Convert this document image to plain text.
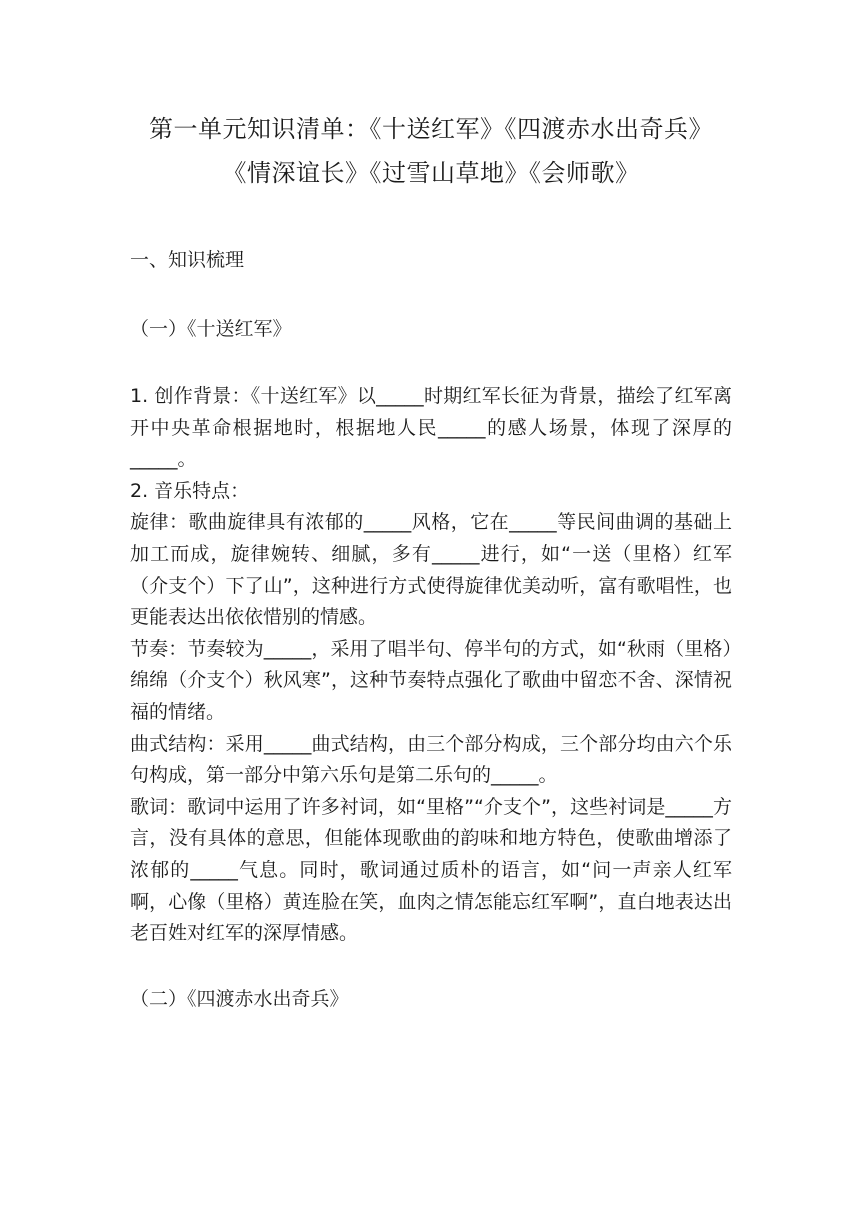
第一单元知识清单：《十送红军》《四渡赤水出奇兵》
《情深谊长》《过雪山草地》《会师歌》

一、知识梳理

（一）《十送红军》

1. 创作背景：《十送红军》以_____时期红军长征为背景，描绘了红军离开中央革命根据地时，根据地人民_____的感人场景，体现了深厚的_____。

2. 音乐特点：

旋律：歌曲旋律具有浓郁的_____风格，它在_____等民间曲调的基础上加工而成，旋律婉转、细腻，多有_____进行，如“一送（里格）红军（介支个）下了山”，这种进行方式使得旋律优美动听，富有歌唱性，也更能表达出依依惜别的情感。

节奏：节奏较为_____，采用了唱半句、停半句的方式，如“秋雨（里格）绵绵（介支个）秋风寒”，这种节奏特点强化了歌曲中留恋不舍、深情祝福的情绪。

曲式结构：采用_____曲式结构，由三个部分构成，三个部分均由六个乐句构成，第一部分中第六乐句是第二乐句的_____。

歌词：歌词中运用了许多衬词，如“里格”“介支个”，这些衬词是_____方言，没有具体的意思，但能体现歌曲的韵味和地方特色，使歌曲增添了浓郁的_____气息。同时，歌词通过质朴的语言，如“问一声亲人红军啊，心像（里格）黄连脸在笑，血肉之情怎能忘红军啊”，直白地表达出老百姓对红军的深厚情感。

（二）《四渡赤水出奇兵》
